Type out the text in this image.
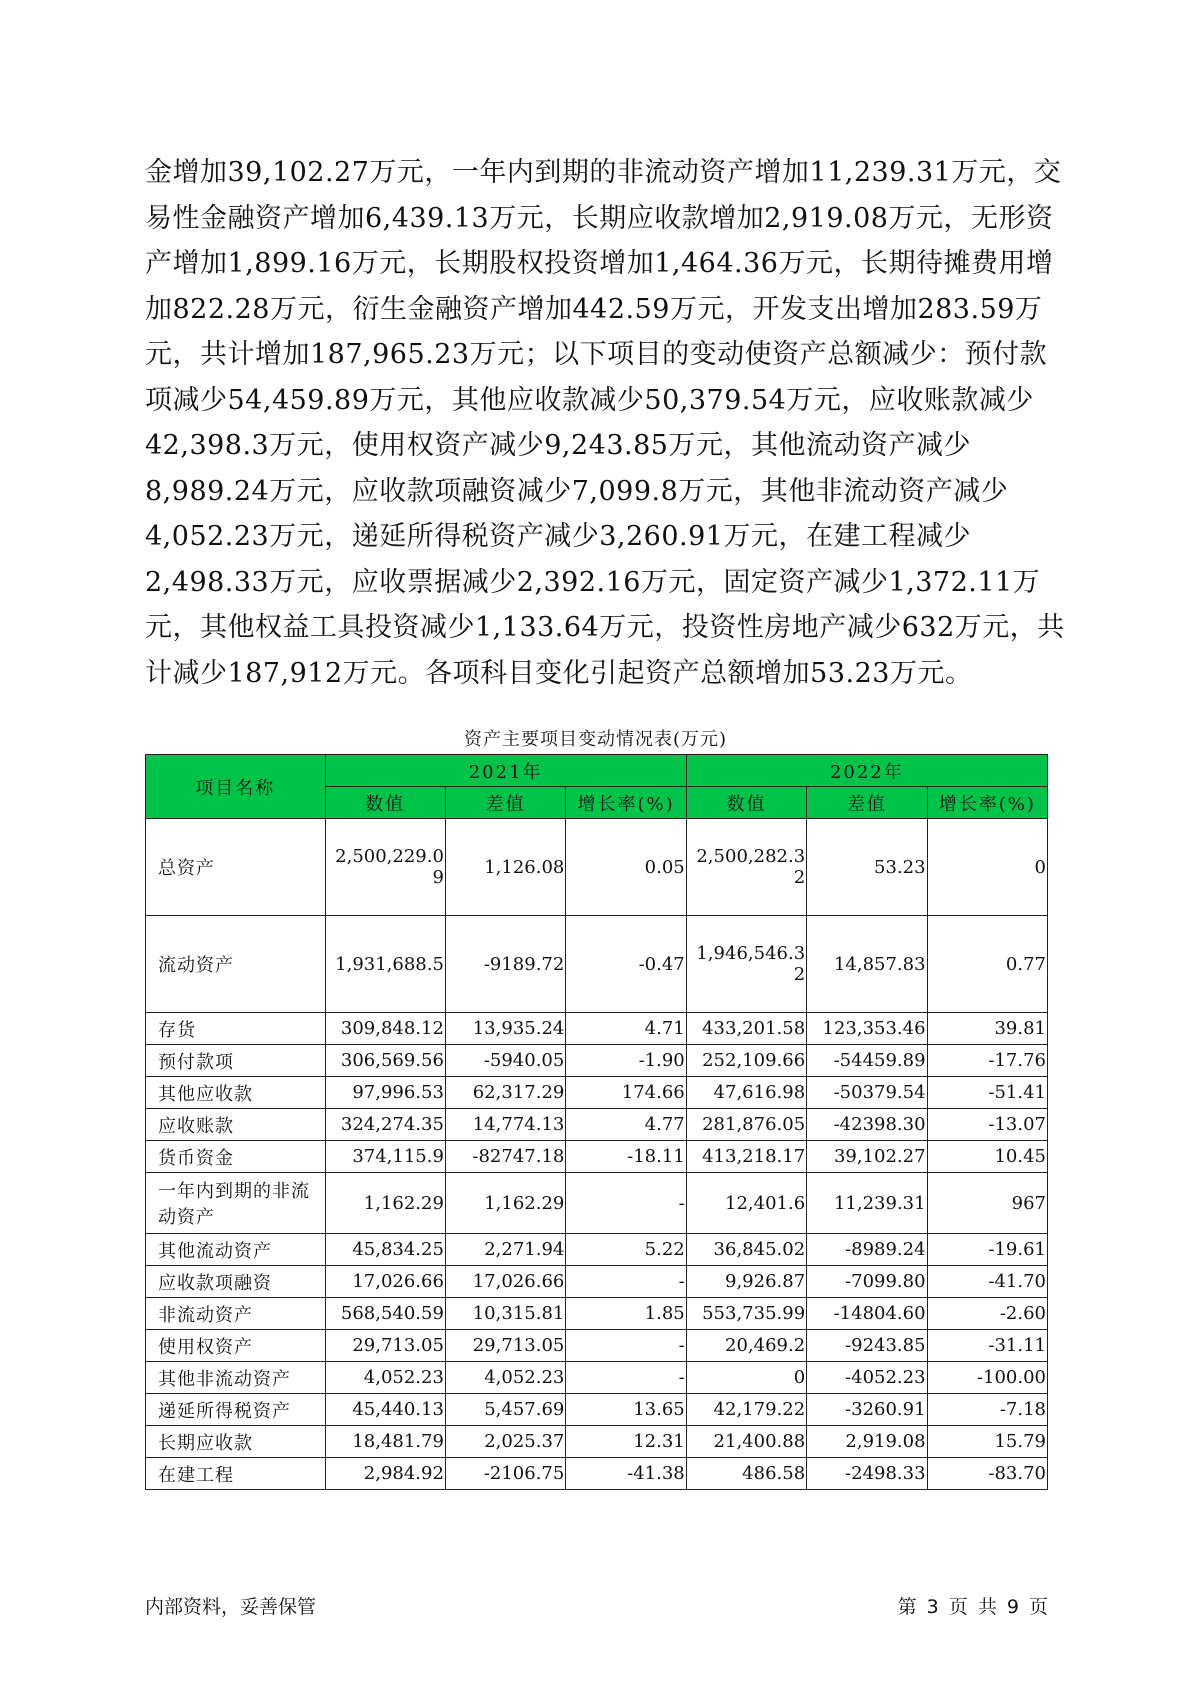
金增加39,102.27万元，一年内到期的非流动资产增加11,239.31万元，交易性金融资产增加6,439.13万元，长期应收款增加2,919.08万元，无形资产增加1,899.16万元，长期股权投资增加1,464.36万元，长期待摊费用增加822.28万元，衍生金融资产增加442.59万元，开发支出增加283.59万元，共计增加187,965.23万元；以下项目的变动使资产总额减少：预付款项减少54,459.89万元，其他应收款减少50,379.54万元，应收账款减少42,398.3万元，使用权资产减少9,243.85万元，其他流动资产减少8,989.24万元，应收款项融资减少7,099.8万元，其他非流动资产减少4,052.23万元，递延所得税资产减少3,260.91万元，在建工程减少2,498.33万元，应收票据减少2,392.16万元，固定资产减少1,372.11万元，其他权益工具投资减少1,133.64万元，投资性房地产减少632万元，共计减少187,912万元。各项科目变化引起资产总额增加53.23万元。
资产主要项目变动情况表(万元)
项目名称	2021年			2022年		
	数值	差值	增长率(%)	数值	差值	增长率(%)
总资产	2,500,229.09	1,126.08	0.05	2,500,282.32	53.23	0
流动资产	1,931,688.5	-9189.72	-0.47	1,946,546.32	14,857.83	0.77
存货	309,848.12	13,935.24	4.71	433,201.58	123,353.46	39.81
预付款项	306,569.56	-5940.05	-1.90	252,109.66	-54459.89	-17.76
其他应收款	97,996.53	62,317.29	174.66	47,616.98	-50379.54	-51.41
应收账款	324,274.35	14,774.13	4.77	281,876.05	-42398.30	-13.07
货币资金	374,115.9	-82747.18	-18.11	413,218.17	39,102.27	10.45
一年内到期的非流动资产	1,162.29	1,162.29	-	12,401.6	11,239.31	967
其他流动资产	45,834.25	2,271.94	5.22	36,845.02	-8989.24	-19.61
应收款项融资	17,026.66	17,026.66	-	9,926.87	-7099.80	-41.70
非流动资产	568,540.59	10,315.81	1.85	553,735.99	-14804.60	-2.60
使用权资产	29,713.05	29,713.05	-	20,469.2	-9243.85	-31.11
其他非流动资产	4,052.23	4,052.23	-	0	-4052.23	-100.00
递延所得税资产	45,440.13	5,457.69	13.65	42,179.22	-3260.91	-7.18
长期应收款	18,481.79	2,025.37	12.31	21,400.88	2,919.08	15.79
在建工程	2,984.92	-2106.75	-41.38	486.58	-2498.33	-83.70
内部资料，妥善保管	第 3 页 共 9 页
